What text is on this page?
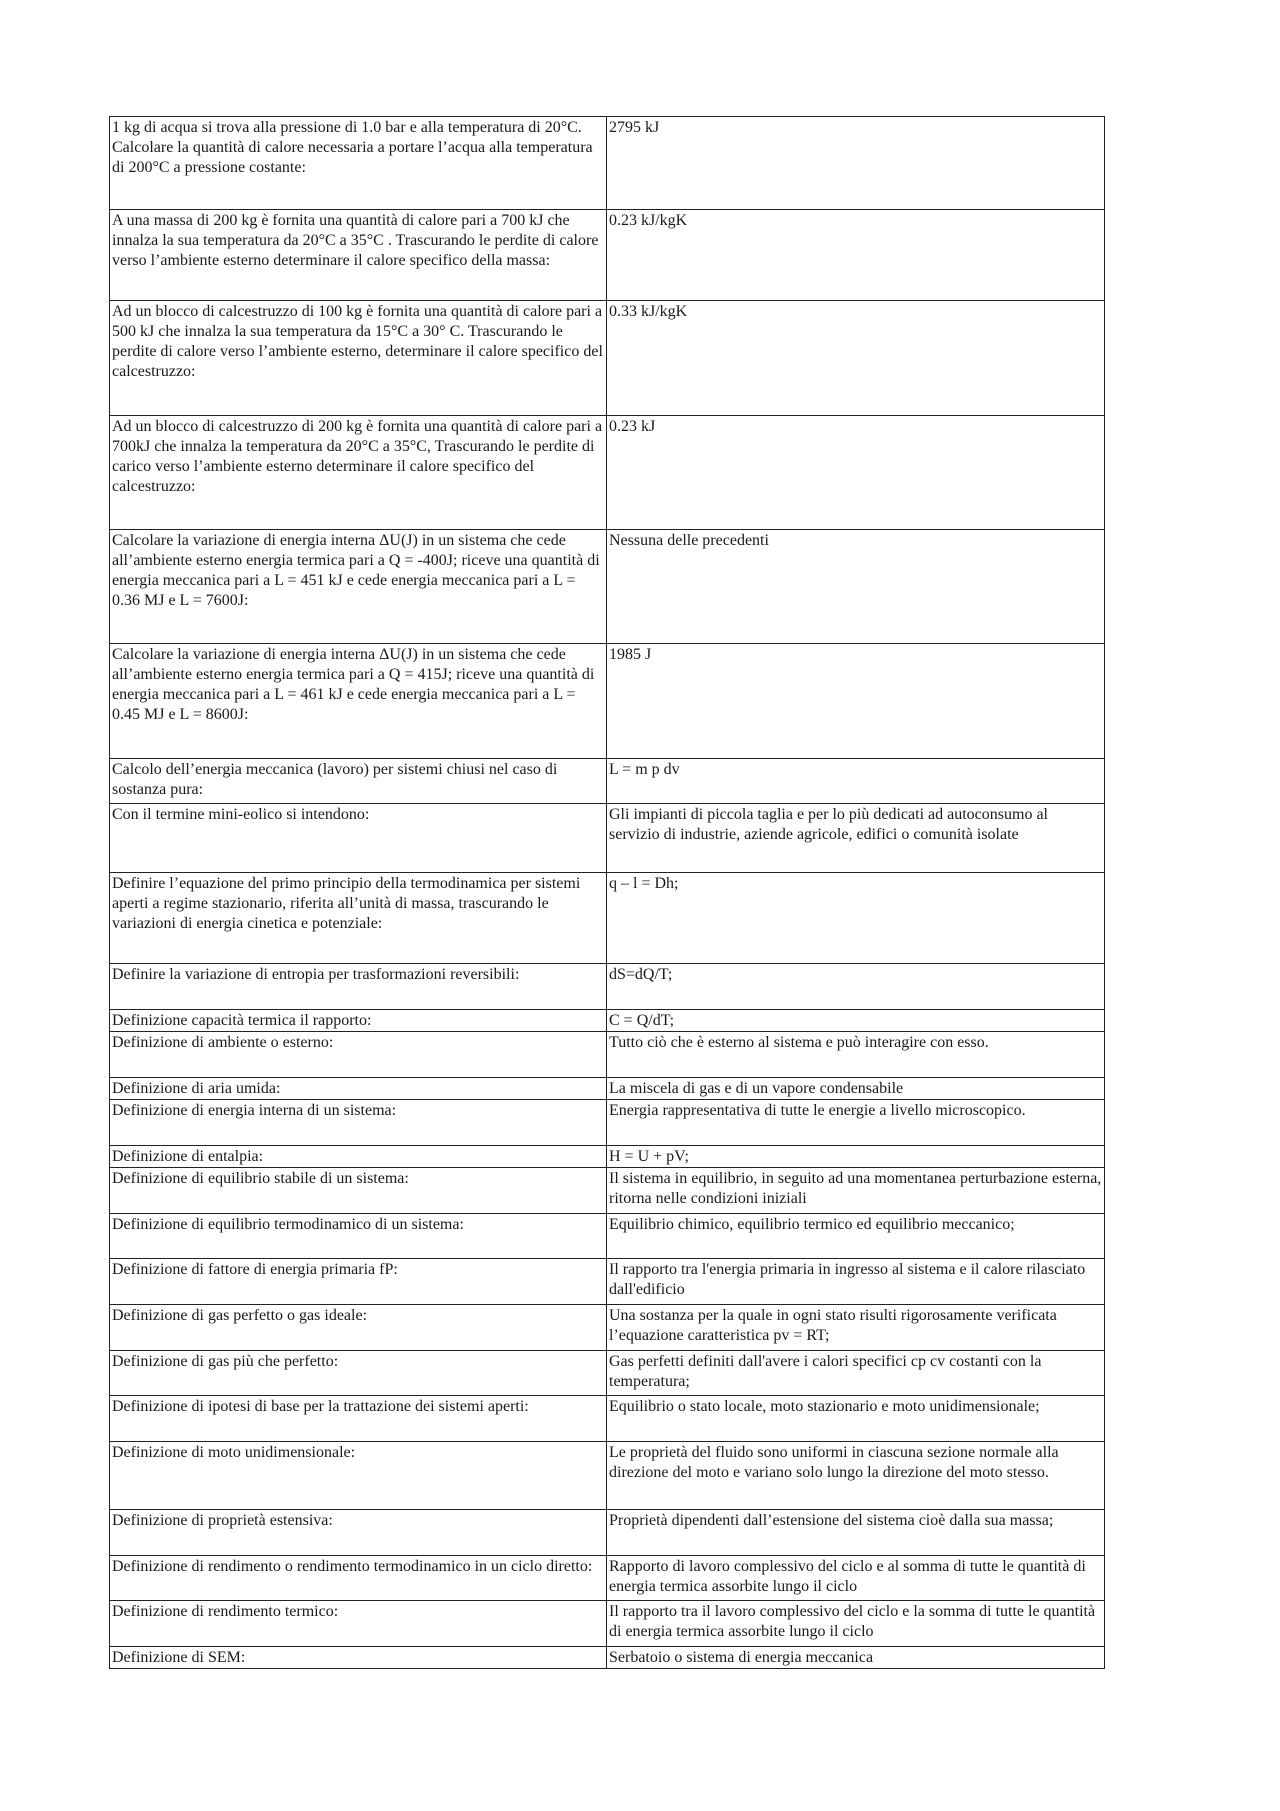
1 kg di acqua si trova alla pressione di 1.0 bar e alla temperatura di 20°C. Calcolare la quantità di calore necessaria a portare l’acqua alla temperatura di 200°C a pressione costante:	2795 kJ
A una massa di 200 kg è fornita una quantità di calore pari a 700 kJ che innalza la sua temperatura da 20°C a 35°C . Trascurando le perdite di calore verso l’ambiente esterno determinare il calore specifico della massa:	0.23 kJ/kgK
Ad un blocco di calcestruzzo di 100 kg è fornita una quantità di calore pari a 500 kJ che innalza la sua temperatura da 15°C a 30° C. Trascurando le perdite di calore verso l’ambiente esterno, determinare il calore specifico del calcestruzzo:	0.33 kJ/kgK
Ad un blocco di calcestruzzo di 200 kg è fornita una quantità di calore pari a 700kJ che innalza la temperatura da 20°C a 35°C, Trascurando le perdite di carico verso l’ambiente esterno determinare il calore specifico del calcestruzzo:	0.23 kJ
Calcolare la variazione di energia interna ΔU(J) in un sistema che cede all’ambiente esterno energia termica pari a Q = -400J; riceve una quantità di energia meccanica pari a L = 451 kJ e cede energia meccanica pari a L = 0.36 MJ e L = 7600J:	Nessuna delle precedenti
Calcolare la variazione di energia interna ΔU(J) in un sistema che cede all’ambiente esterno energia termica pari a Q = 415J; riceve una quantità di energia meccanica pari a L = 461 kJ e cede energia meccanica pari a L = 0.45 MJ e L = 8600J:	1985 J
Calcolo dell’energia meccanica (lavoro) per sistemi chiusi nel caso di sostanza pura:	L = m p dv
Con il termine mini-eolico si intendono:	Gli impianti di piccola taglia e per lo più dedicati ad autoconsumo al servizio di industrie, aziende agricole, edifici o comunità isolate
Definire l’equazione del primo principio della termodinamica per sistemi aperti a regime stazionario, riferita all’unità di massa, trascurando le variazioni di energia cinetica e potenziale:	q – l = Dh;
Definire la variazione di entropia per trasformazioni reversibili:	dS=dQ/T;
Definizione capacità termica il rapporto:	C = Q/dT;
Definizione di ambiente o esterno:	Tutto ciò che è esterno al sistema e può interagire con esso.
Definizione di aria umida:	La miscela di gas e di un vapore condensabile
Definizione di energia interna di un sistema:	Energia rappresentativa di tutte le energie a livello microscopico.
Definizione di entalpia:	H = U + pV;
Definizione di equilibrio stabile di un sistema:	Il sistema in equilibrio, in seguito ad una momentanea perturbazione esterna, ritorna nelle condizioni iniziali
Definizione di equilibrio termodinamico di un sistema:	Equilibrio chimico, equilibrio termico ed equilibrio meccanico;
Definizione di fattore di energia primaria fP:	Il rapporto tra l'energia primaria in ingresso al sistema e il calore rilasciato dall'edificio
Definizione di gas perfetto o gas ideale:	Una sostanza per la quale in ogni stato risulti rigorosamente verificata l’equazione caratteristica pv = RT;
Definizione di gas più che perfetto:	Gas perfetti definiti dall'avere i calori specifici cp cv costanti con la temperatura;
Definizione di ipotesi di base per la trattazione dei sistemi aperti:	Equilibrio o stato locale, moto stazionario e moto unidimensionale;
Definizione di moto unidimensionale:	Le proprietà del fluido sono uniformi in ciascuna sezione normale alla direzione del moto e variano solo lungo la direzione del moto stesso.
Definizione di proprietà estensiva:	Proprietà dipendenti dall’estensione del sistema cioè dalla sua massa;
Definizione di rendimento o rendimento termodinamico in un ciclo diretto:	Rapporto di lavoro complessivo del ciclo e al somma di tutte le quantità di energia termica assorbite lungo il ciclo
Definizione di rendimento termico:	Il rapporto tra il lavoro complessivo del ciclo e la somma di tutte le quantità di energia termica assorbite lungo il ciclo
Definizione di SEM:	Serbatoio o sistema di energia meccanica
